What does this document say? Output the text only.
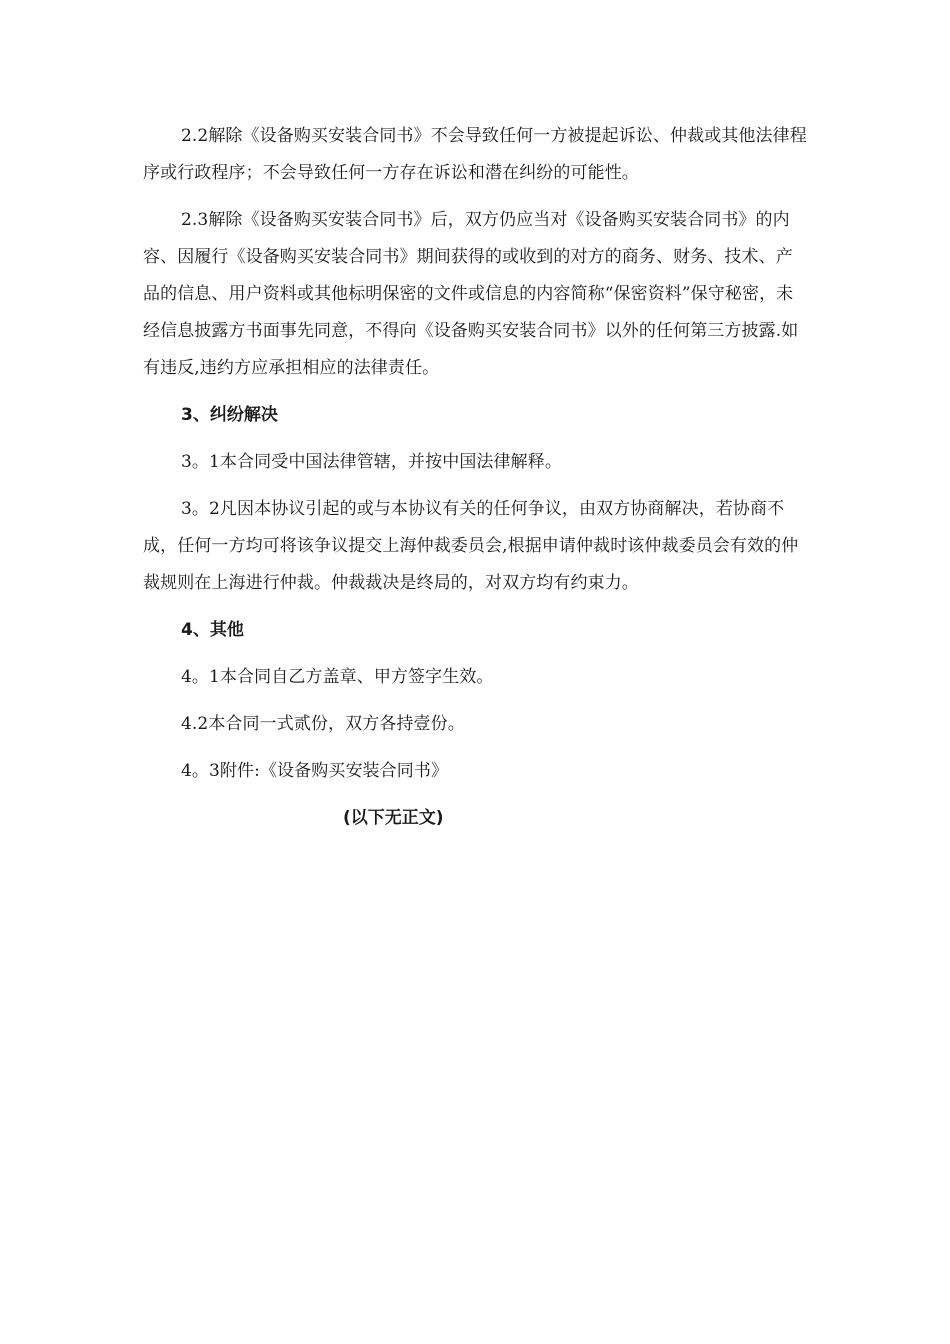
2.2解除《设备购买安装合同书》不会导致任何一方被提起诉讼、仲裁或其他法律程序或行政程序；不会导致任何一方存在诉讼和潜在纠纷的可能性。

2.3解除《设备购买安装合同书》后，双方仍应当对《设备购买安装合同书》的内容、因履行《设备购买安装合同书》期间获得的或收到的对方的商务、财务、技术、产品的信息、用户资料或其他标明保密的文件或信息的内容简称“保密资料”保守秘密，未经信息披露方书面事先同意，不得向《设备购买安装合同书》以外的任何第三方披露.如有违反,违约方应承担相应的法律责任。

3、纠纷解决

3。1本合同受中国法律管辖，并按中国法律解释。

3。2凡因本协议引起的或与本协议有关的任何争议，由双方协商解决，若协商不成，任何一方均可将该争议提交上海仲裁委员会,根据申请仲裁时该仲裁委员会有效的仲裁规则在上海进行仲裁。仲裁裁决是终局的，对双方均有约束力。

4、其他

4。1本合同自乙方盖章、甲方签字生效。

4.2本合同一式贰份，双方各持壹份。

4。3附件:《设备购买安装合同书》

(以下无正文)
